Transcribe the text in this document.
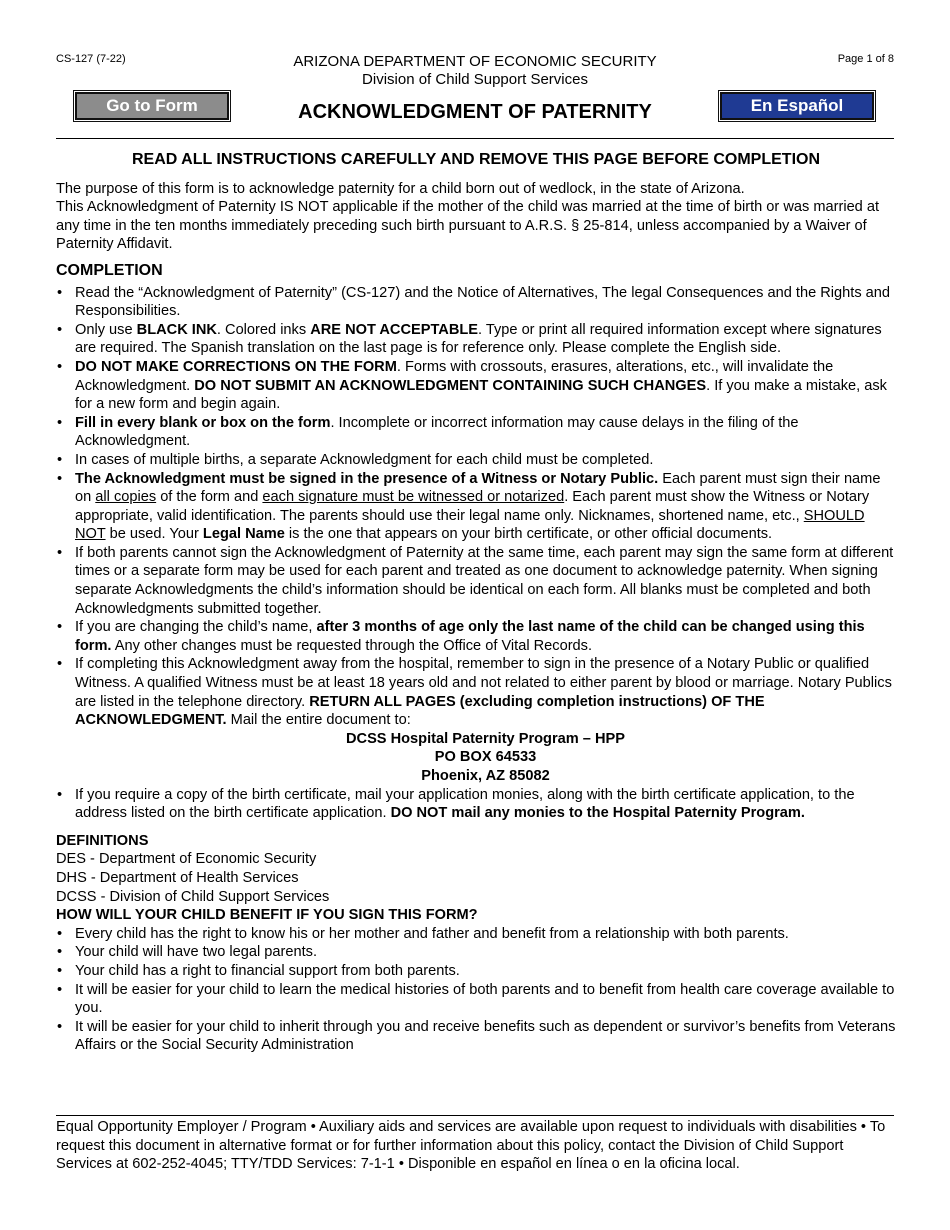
CS-127 (7-22)	ARIZONA DEPARTMENT OF ECONOMIC SECURITY
Division of Child Support Services
Page 1 of 8
Go to Form	ACKNOWLEDGMENT OF PATERNITY	En Español
READ ALL INSTRUCTIONS CAREFULLY AND REMOVE THIS PAGE BEFORE COMPLETION

The purpose of this form is to acknowledge paternity for a child born out of wedlock, in the state of Arizona.

This Acknowledgment of Paternity IS NOT applicable if the mother of the child was married at the time of birth or was married at any time in the ten months immediately preceding such birth pursuant to A.R.S. § 25-814, unless accompanied by a Waiver of Paternity Affidavit.

COMPLETION
• Read the “Acknowledgment of Paternity” (CS-127) and the Notice of Alternatives, The legal Consequences and the Rights and Responsibilities.
• Only use BLACK INK. Colored inks ARE NOT ACCEPTABLE. Type or print all required information except where signatures are required. The Spanish translation on the last page is for reference only. Please complete the English side.
• DO NOT MAKE CORRECTIONS ON THE FORM. Forms with crossouts, erasures, alterations, etc., will invalidate the Acknowledgment. DO NOT SUBMIT AN ACKNOWLEDGMENT CONTAINING SUCH CHANGES. If you make a mistake, ask for a new form and begin again.
• Fill in every blank or box on the form. Incomplete or incorrect information may cause delays in the filing of the Acknowledgment.
• In cases of multiple births, a separate Acknowledgment for each child must be completed.
• The Acknowledgment must be signed in the presence of a Witness or Notary Public. Each parent must sign their name on all copies of the form and each signature must be witnessed or notarized. Each parent must show the Witness or Notary appropriate, valid identification. The parents should use their legal name only. Nicknames, shortened name, etc., SHOULD NOT be used. Your Legal Name is the one that appears on your birth certificate, or other official documents.
• If both parents cannot sign the Acknowledgment of Paternity at the same time, each parent may sign the same form at different times or a separate form may be used for each parent and treated as one document to acknowledge paternity. When signing separate Acknowledgments the child’s information should be identical on each form. All blanks must be completed and both Acknowledgments submitted together.
• If you are changing the child’s name, after 3 months of age only the last name of the child can be changed using this form. Any other changes must be requested through the Office of Vital Records.
• If completing this Acknowledgment away from the hospital, remember to sign in the presence of a Notary Public or qualified Witness. A qualified Witness must be at least 18 years old and not related to either parent by blood or marriage. Notary Publics are listed in the telephone directory. RETURN ALL PAGES (excluding completion instructions) OF THE ACKNOWLEDGMENT. Mail the entire document to:
DCSS Hospital Paternity Program – HPP
PO BOX 64533
Phoenix, AZ 85082
• If you require a copy of the birth certificate, mail your application monies, along with the birth certificate application, to the address listed on the birth certificate application. DO NOT mail any monies to the Hospital Paternity Program.
DEFINITIONS

DES - Department of Economic Security

DHS - Department of Health Services

DCSS - Division of Child Support Services

HOW WILL YOUR CHILD BENEFIT IF YOU SIGN THIS FORM?
• Every child has the right to know his or her mother and father and benefit from a relationship with both parents.
• Your child will have two legal parents.
• Your child has a right to financial support from both parents.
• It will be easier for your child to learn the medical histories of both parents and to benefit from health care coverage available to you.
• It will be easier for your child to inherit through you and receive benefits such as dependent or survivor’s benefits from Veterans Affairs or the Social Security Administration
Equal Opportunity Employer / Program • Auxiliary aids and services are available upon request to individuals with disabilities • To request this document in alternative format or for further information about this policy, contact the Division of Child Support Services at 602-252-4045; TTY/TDD Services: 7-1-1 • Disponible en español en línea o en la oficina local.
